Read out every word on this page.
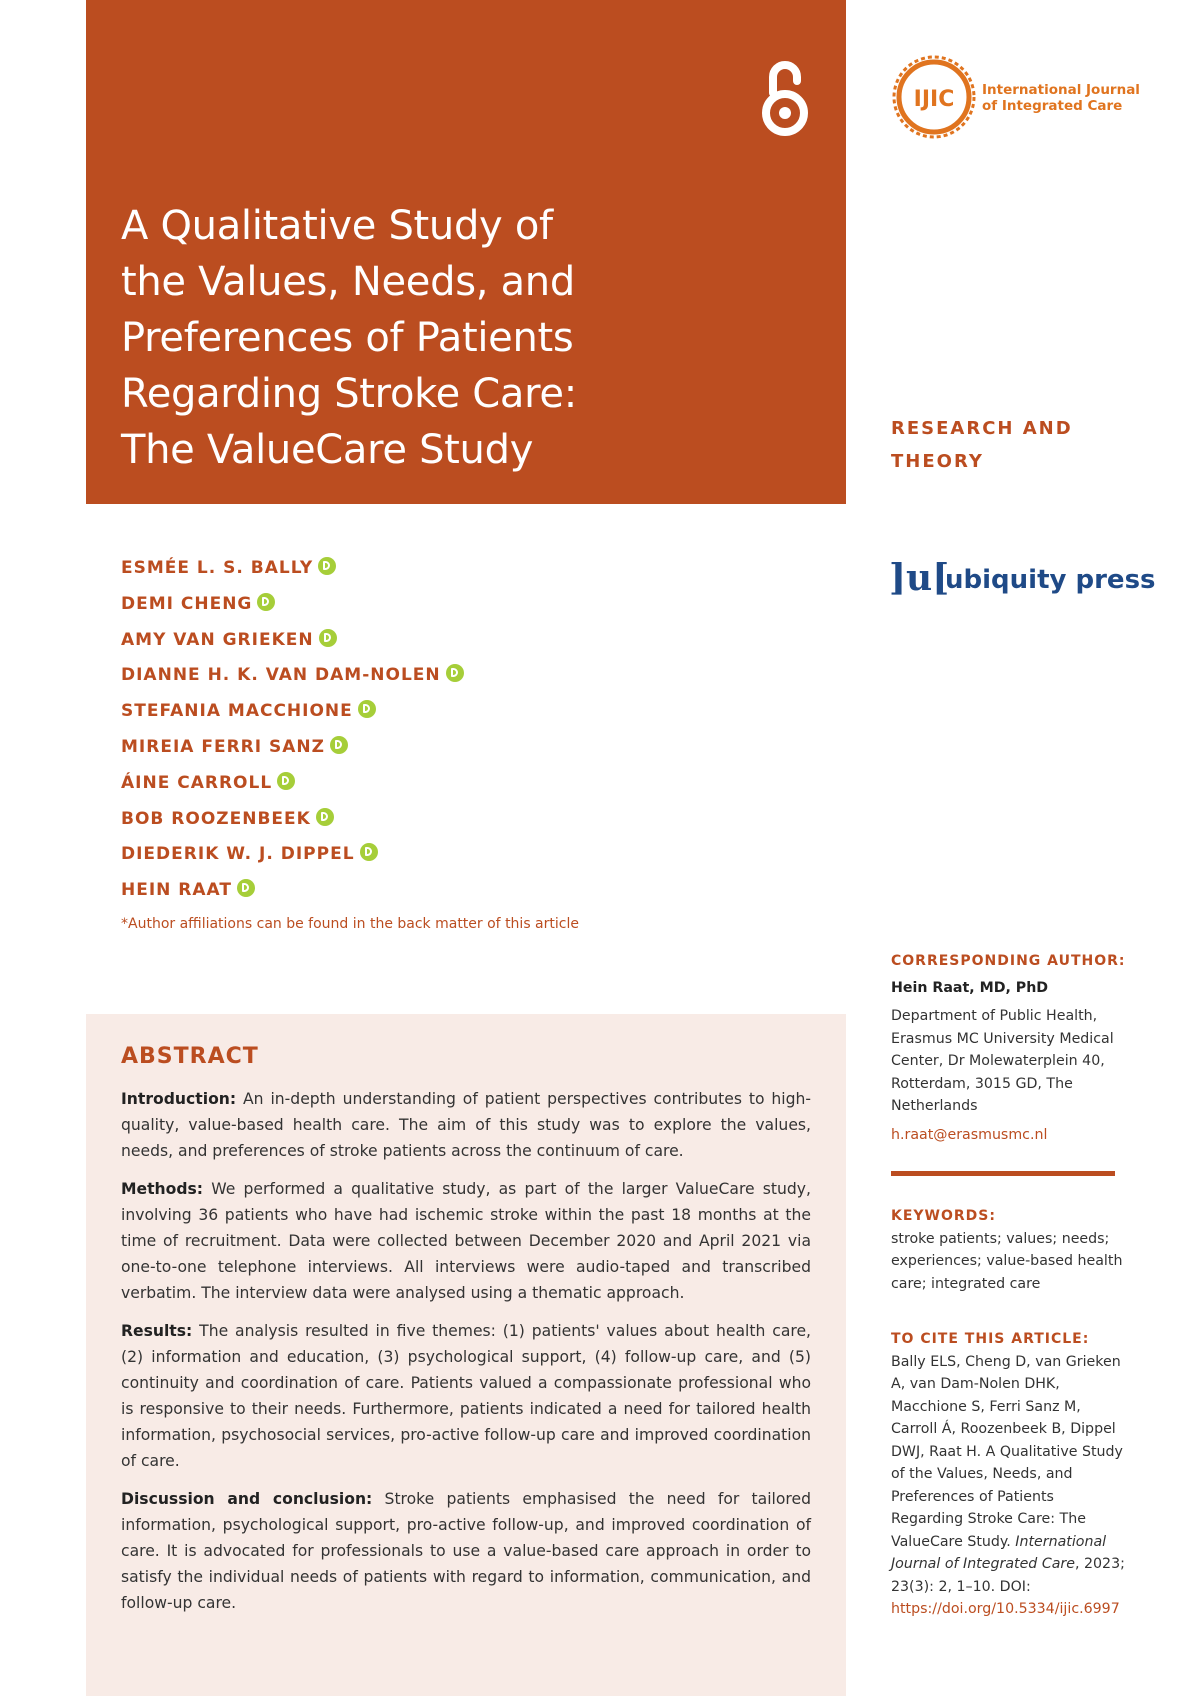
A Qualitative Study of
the Values, Needs, and
Preferences of Patients
Regarding Stroke Care:
The ValueCare Study
IJIC International Journal
of Integrated Care
RESEARCH AND
THEORY
]u[
ubiquity press
ESMÉE L. S. BALLY
DEMI CHENG
AMY VAN GRIEKEN
DIANNE H. K. VAN DAM-NOLEN
STEFANIA MACCHIONE
MIREIA FERRI SANZ
ÁINE CARROLL
BOB ROOZENBEEK
DIEDERIK W. J. DIPPEL
HEIN RAAT
*Author affiliations can be found in the back matter of this article
ABSTRACT

Introduction: An in-depth understanding of patient perspectives contributes to high-quality, value-based health care. The aim of this study was to explore the values, needs, and preferences of stroke patients across the continuum of care.

Methods: We performed a qualitative study, as part of the larger ValueCare study, involving 36 patients who have had ischemic stroke within the past 18 months at the time of recruitment. Data were collected between December 2020 and April 2021 via one-to-one telephone interviews. All interviews were audio-taped and transcribed verbatim. The interview data were analysed using a thematic approach.

Results: The analysis resulted in five themes: (1) patients' values about health care, (2) information and education, (3) psychological support, (4) follow-up care, and (5) continuity and coordination of care. Patients valued a compassionate professional who is responsive to their needs. Furthermore, patients indicated a need for tailored health information, psychosocial services, pro-active follow-up care and improved coordination of care.

Discussion and conclusion: Stroke patients emphasised the need for tailored information, psychological support, pro-active follow-up, and improved coordination of care. It is advocated for professionals to use a value-based care approach in order to satisfy the individual needs of patients with regard to information, communication, and follow-up care.

CORRESPONDING AUTHOR:
Hein Raat, MD, PhD
Department of Public Health, Erasmus MC University Medical Center, Dr Molewaterplein 40, Rotterdam, 3015 GD, The Netherlands
h.raat@erasmusmc.nl
KEYWORDS:
stroke patients; values; needs; experiences; value-based health care; integrated care
TO CITE THIS ARTICLE:
Bally ELS, Cheng D, van Grieken A, van Dam-Nolen DHK, Macchione S, Ferri Sanz M, Carroll Á, Roozenbeek B, Dippel DWJ, Raat H. A Qualitative Study of the Values, Needs, and Preferences of Patients Regarding Stroke Care: The ValueCare Study. International Journal of Integrated Care, 2023; 23(3): 2, 1–10. DOI: https://doi.org/10.5334/ijic.6997
